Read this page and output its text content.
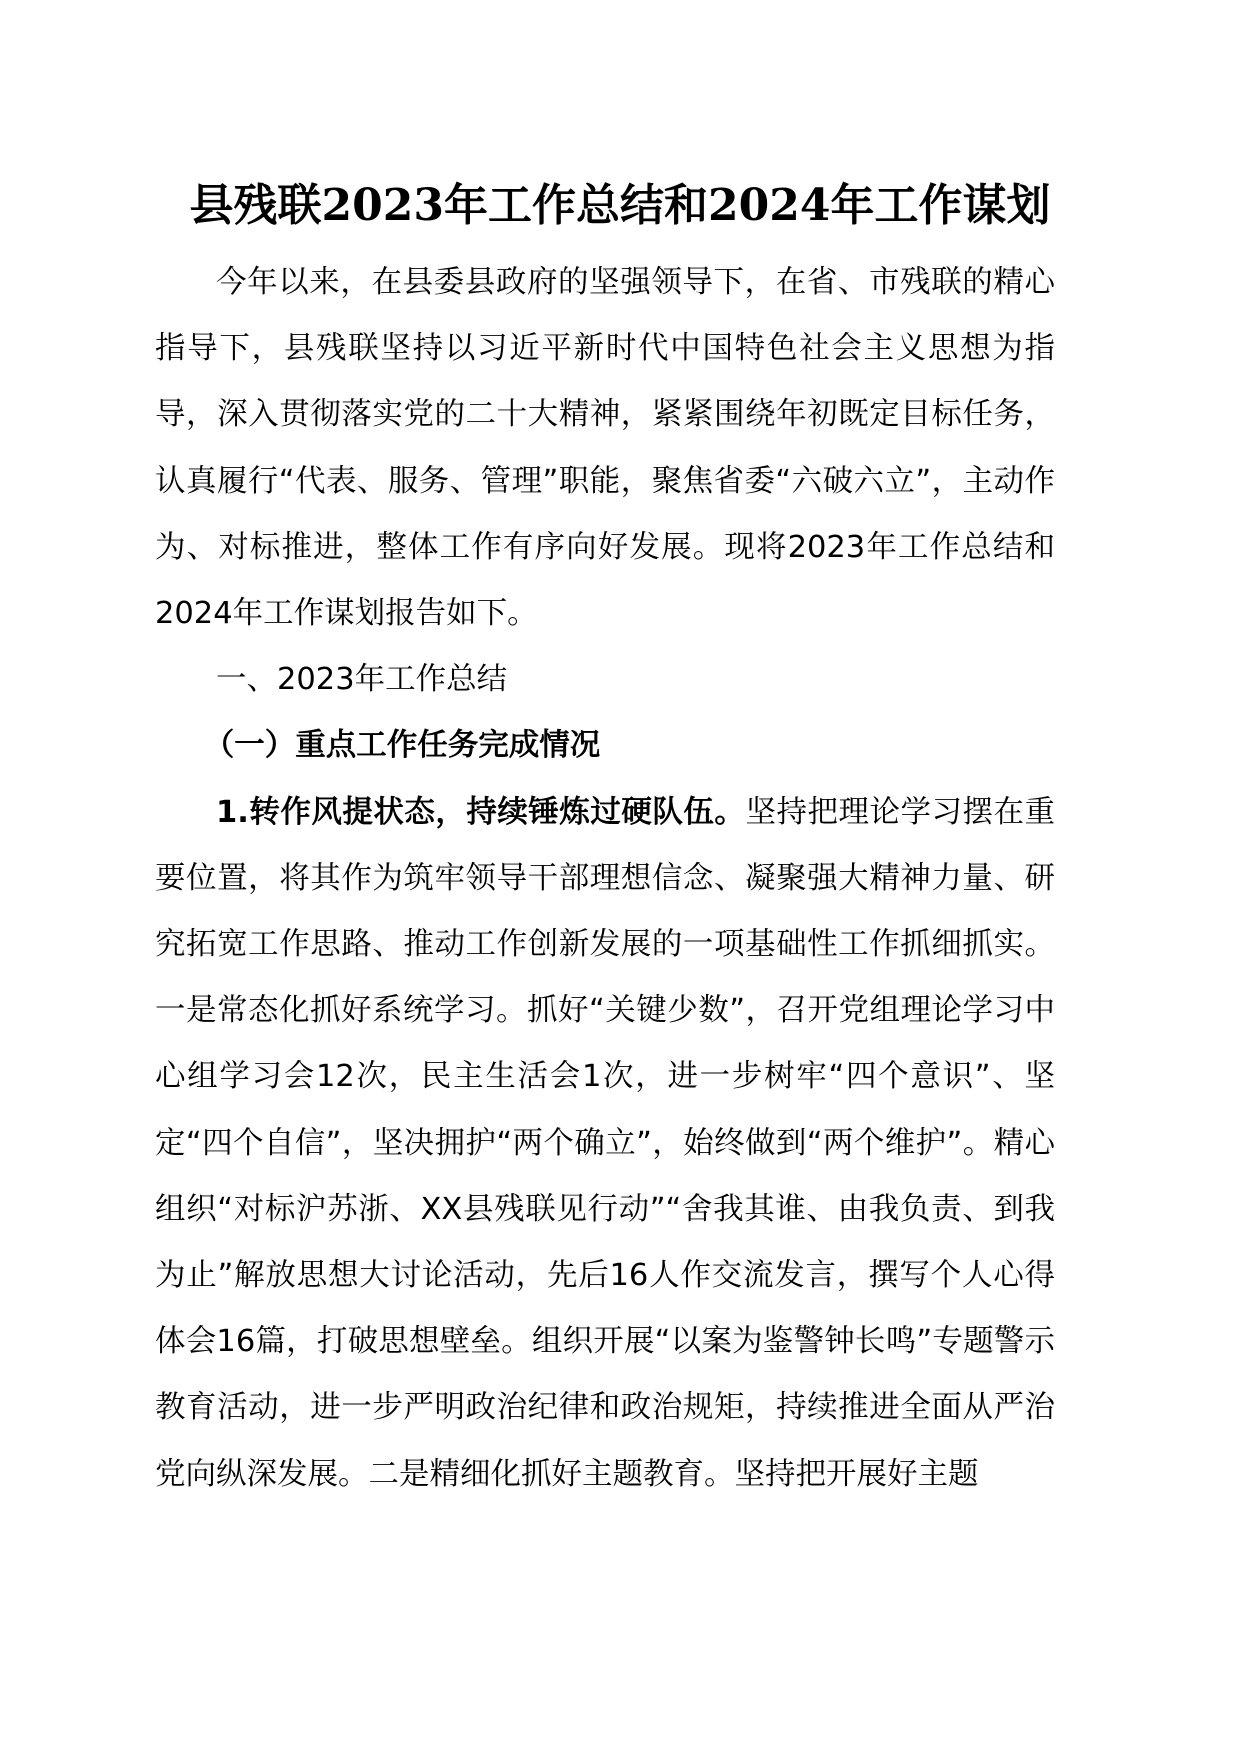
县残联2023年工作总结和2024年工作谋划

今年以来，在县委县政府的坚强领导下，在省、市残联的精心指导下，县残联坚持以习近平新时代中国特色社会主义思想为指导，深入贯彻落实党的二十大精神，紧紧围绕年初既定目标任务，认真履行“代表、服务、管理”职能，聚焦省委“六破六立”，主动作为、对标推进，整体工作有序向好发展。现将2023年工作总结和2024年工作谋划报告如下。

一、2023年工作总结

（一）重点工作任务完成情况

1.转作风提状态，持续锤炼过硬队伍。坚持把理论学习摆在重要位置，将其作为筑牢领导干部理想信念、凝聚强大精神力量、研究拓宽工作思路、推动工作创新发展的一项基础性工作抓细抓实。一是常态化抓好系统学习。抓好“关键少数”，召开党组理论学习中心组学习会12次，民主生活会1次，进一步树牢“四个意识”、坚定“四个自信”，坚决拥护“两个确立”，始终做到“两个维护”。精心组织“对标沪苏浙、XX县残联见行动”“舍我其谁、由我负责、到我为止”解放思想大讨论活动，先后16人作交流发言，撰写个人心得体会16篇，打破思想壁垒。组织开展“以案为鉴警钟长鸣”专题警示教育活动，进一步严明政治纪律和政治规矩，持续推进全面从严治党向纵深发展。二是精细化抓好主题教育。坚持把开展好主题
